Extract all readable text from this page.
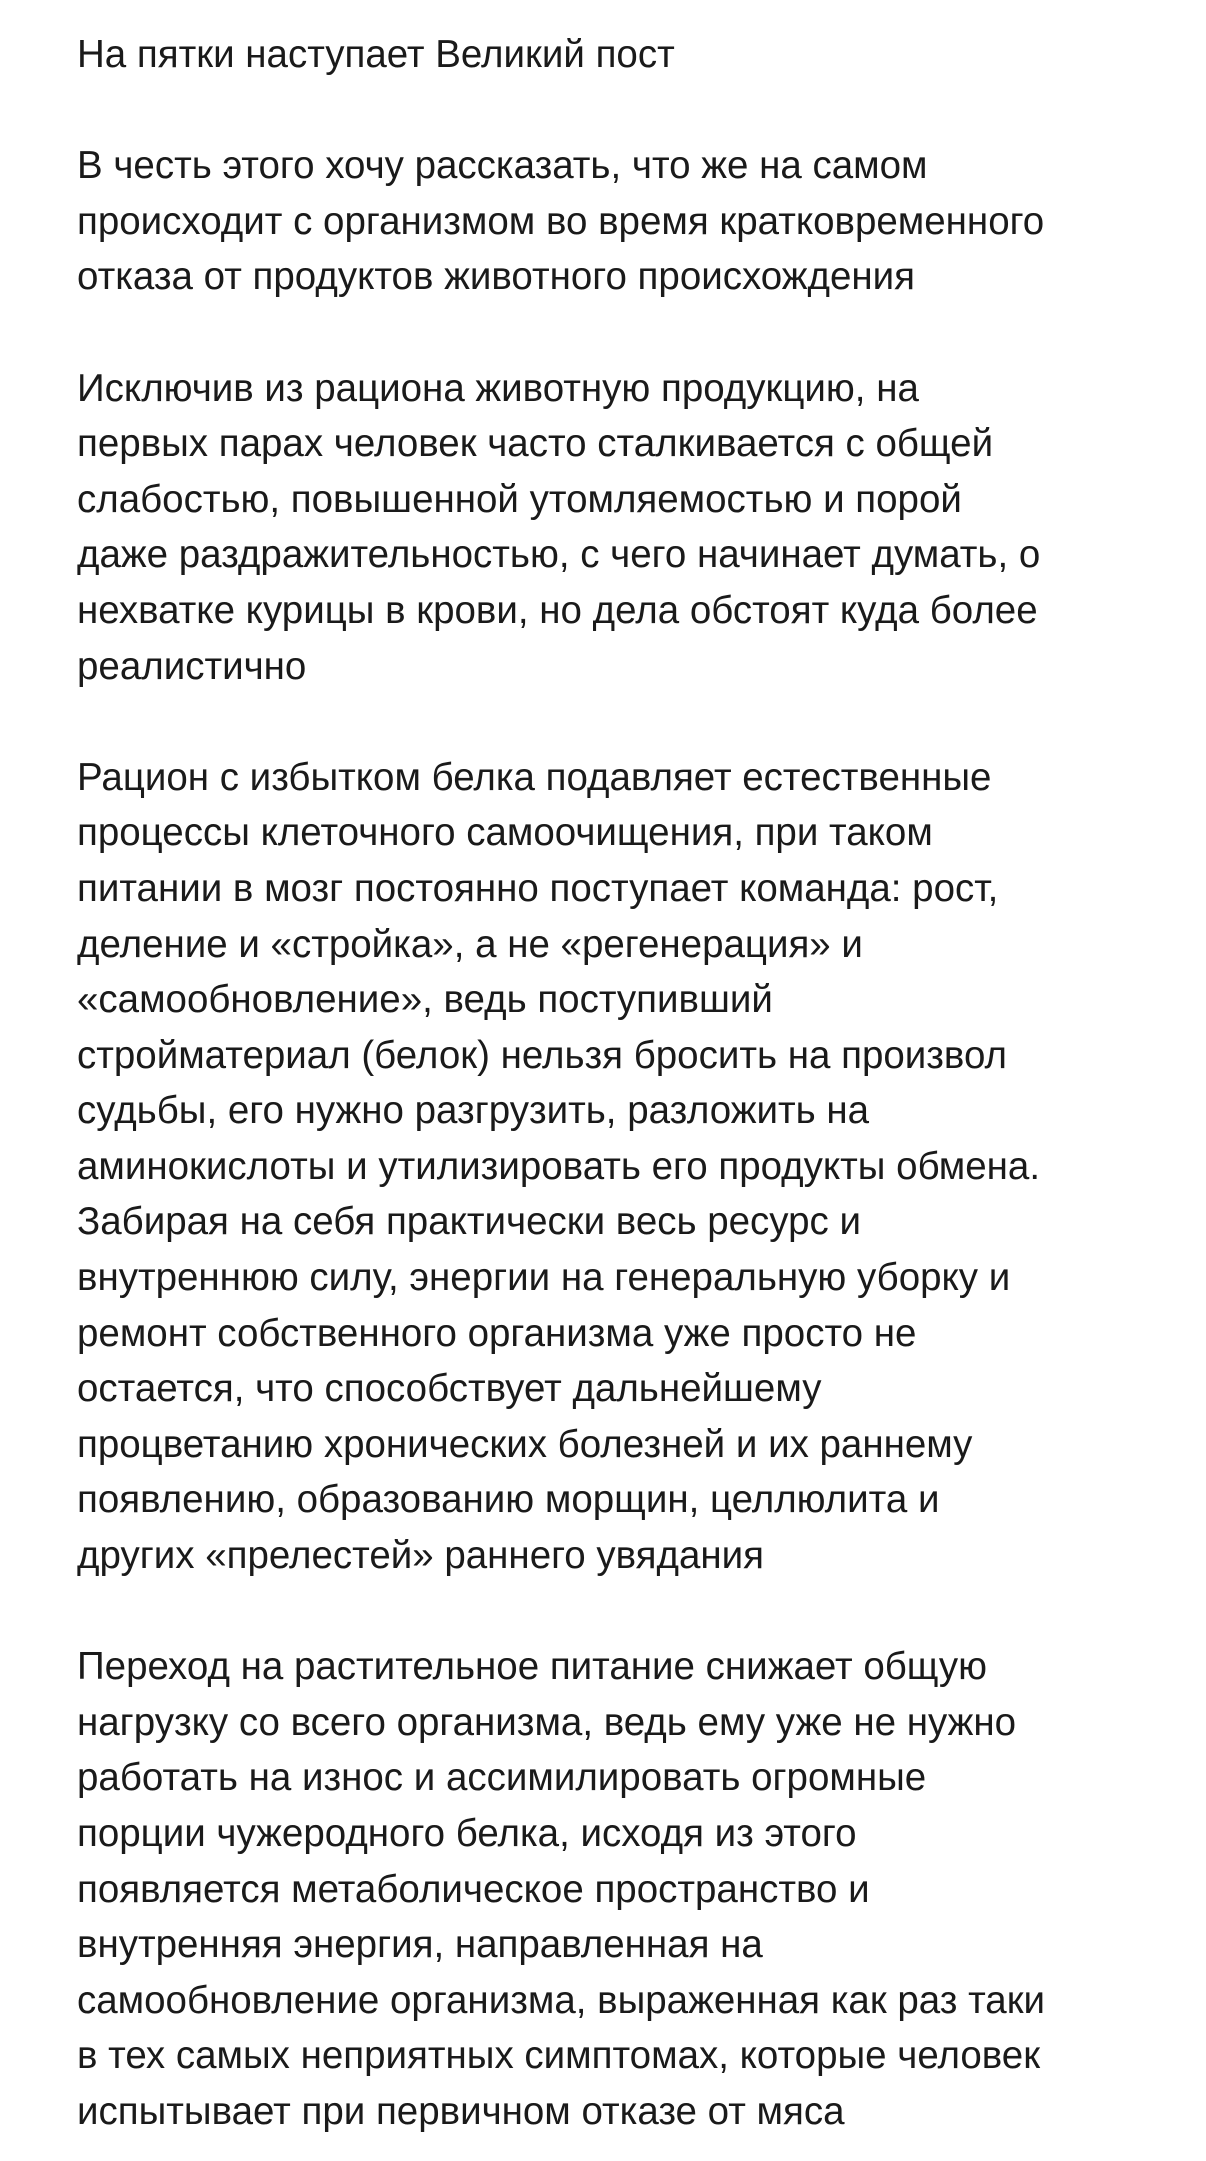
На пятки наступает Великий пост
В честь этого хочу рассказать, что же на самом
происходит с организмом во время кратковременного
отказа от продуктов животного происхождения
Исключив из рациона животную продукцию, на
первых парах человек часто сталкивается с общей
слабостью, повышенной утомляемостью и порой
даже раздражительностью, с чего начинает думать, о
нехватке курицы в крови, но дела обстоят куда более
реалистично
Рацион с избытком белка подавляет естественные
процессы клеточного самоочищения, при таком
питании в мозг постоянно поступает команда: рост,
деление и «стройка», а не «регенерация» и
«самообновление», ведь поступивший
стройматериал (белок) нельзя бросить на произвол
судьбы, его нужно разгрузить, разложить на
аминокислоты и утилизировать его продукты обмена.
Забирая на себя практически весь ресурс и
внутреннюю силу, энергии на генеральную уборку и
ремонт собственного организма уже просто не
остается, что способствует дальнейшему
процветанию хронических болезней и их раннему
появлению, образованию морщин, целлюлита и
других «прелестей» раннего увядания
Переход на растительное питание снижает общую
нагрузку со всего организма, ведь ему уже не нужно
работать на износ и ассимилировать огромные
порции чужеродного белка, исходя из этого
появляется метаболическое пространство и
внутренняя энергия, направленная на
самообновление организма, выраженная как раз таки
в тех самых неприятных симптомах, которые человек
испытывает при первичном отказе от мяса
